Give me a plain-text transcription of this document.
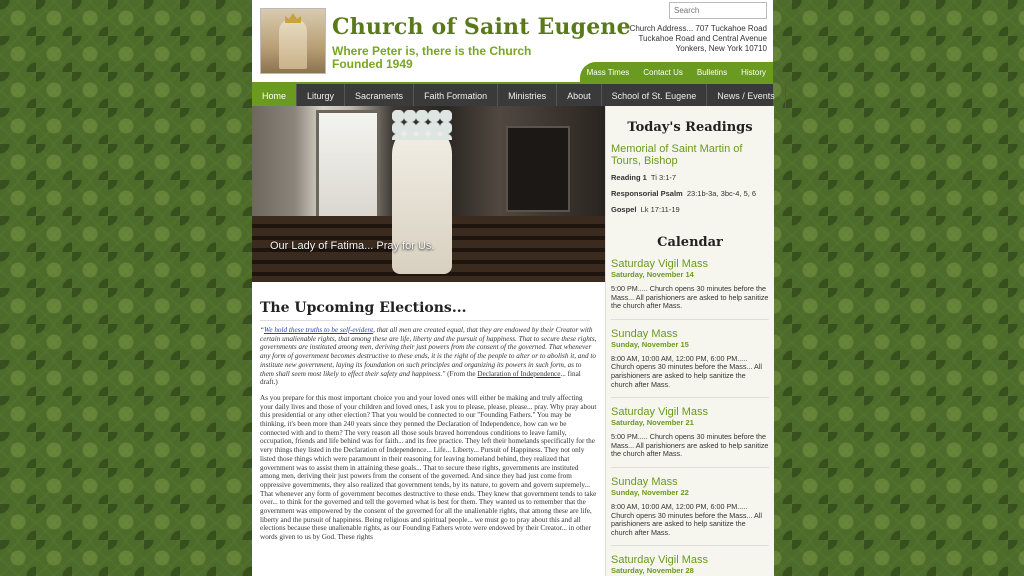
Church of Saint Eugene
Where Peter is, there is the Church Founded 1949
Search
Church Address... 707 Tuckahoe Road
Tuckahoe Road and Central Avenue
Yonkers, New York 10710
Mass Times	Contact Us	Bulletins	History
Home	Liturgy	Sacraments	Faith Formation	Ministries	About	School of St. Eugene	News / Events
Our Lady of Fatima... Pray for Us.
The Upcoming Elections...

“We hold these truths to be self-evident, that all men are created equal, that they are endowed by their Creator with certain unalienable rights, that among these are life, liberty and the pursuit of happiness. That to secure these rights, governments are instituted among men, deriving their just powers from the consent of the governed. That whenever any form of government becomes destructive to these ends, it is the right of the people to alter or to abolish it, and to institute new government, laying its foundation on such principles and organizing its powers in such form, as to them shall seem most likely to effect their safety and happiness." (From the Declaration of Independence... final draft.)

As you prepare for this most important choice you and your loved ones will either be making and truly affecting your daily lives and those of your children and loved ones, I ask you to please, please, please... pray. Why pray about this presidential or any other election? That you would be connected to our "Founding Fathers." You may be thinking, it's been more than 240 years since they penned the Declaration of Independence, how can we be connected with and to them? The very reason all those souls braved horrendous conditions to leave family, occupation, friends and life behind was for faith... and its free practice. They left their homelands specifically for the very things they listed in the Declaration of Independence... Life... Liberty... Pursuit of Happiness. They not only listed those things which were paramount in their reasoning for leaving homeland behind, they realized that government was to assist them in attaining these goals... That to secure these rights, governments are instituted among men, deriving their just powers from the consent of the governed. And since they had just come from oppressive governments, they also realized that government tends, by its nature, to govern and govern supremely... That whenever any form of government becomes destructive to these ends. They knew that government tends to take over... to think for the governed and tell the governed what is best for them. They wanted us to remember that the government was empowered by the consent of the governed for all the unalienable rights, that among these are life, liberty and the pursuit of happiness. Being religious and spiritual people... we must go to pray about this and all elections because these unalienable rights, as our Founding Fathers wrote were endowed by their Creator... in other words given to us by God. These rights

Today's Readings
Memorial of Saint Martin of Tours, Bishop
Reading 1 Ti 3:1-7
Responsorial Psalm 23:1b-3a, 3bc-4, 5, 6
Gospel Lk 17:11-19
Calendar
Saturday Vigil Mass
Saturday, November 14
5:00 PM..... Church opens 30 minutes before the Mass... All parishioners are asked to help sanitize the church after Mass.
Sunday Mass
Sunday, November 15
8:00 AM, 10:00 AM, 12:00 PM, 6:00 PM..... Church opens 30 minutes before the Mass... All parishioners are asked to help sanitize the church after Mass.
Saturday Vigil Mass
Saturday, November 21
5:00 PM..... Church opens 30 minutes before the Mass... All parishioners are asked to help sanitize the church after Mass.
Sunday Mass
Sunday, November 22
8:00 AM, 10:00 AM, 12:00 PM, 6:00 PM..... Church opens 30 minutes before the Mass... All parishioners are asked to help sanitize the church after Mass.
Saturday Vigil Mass
Saturday, November 28
